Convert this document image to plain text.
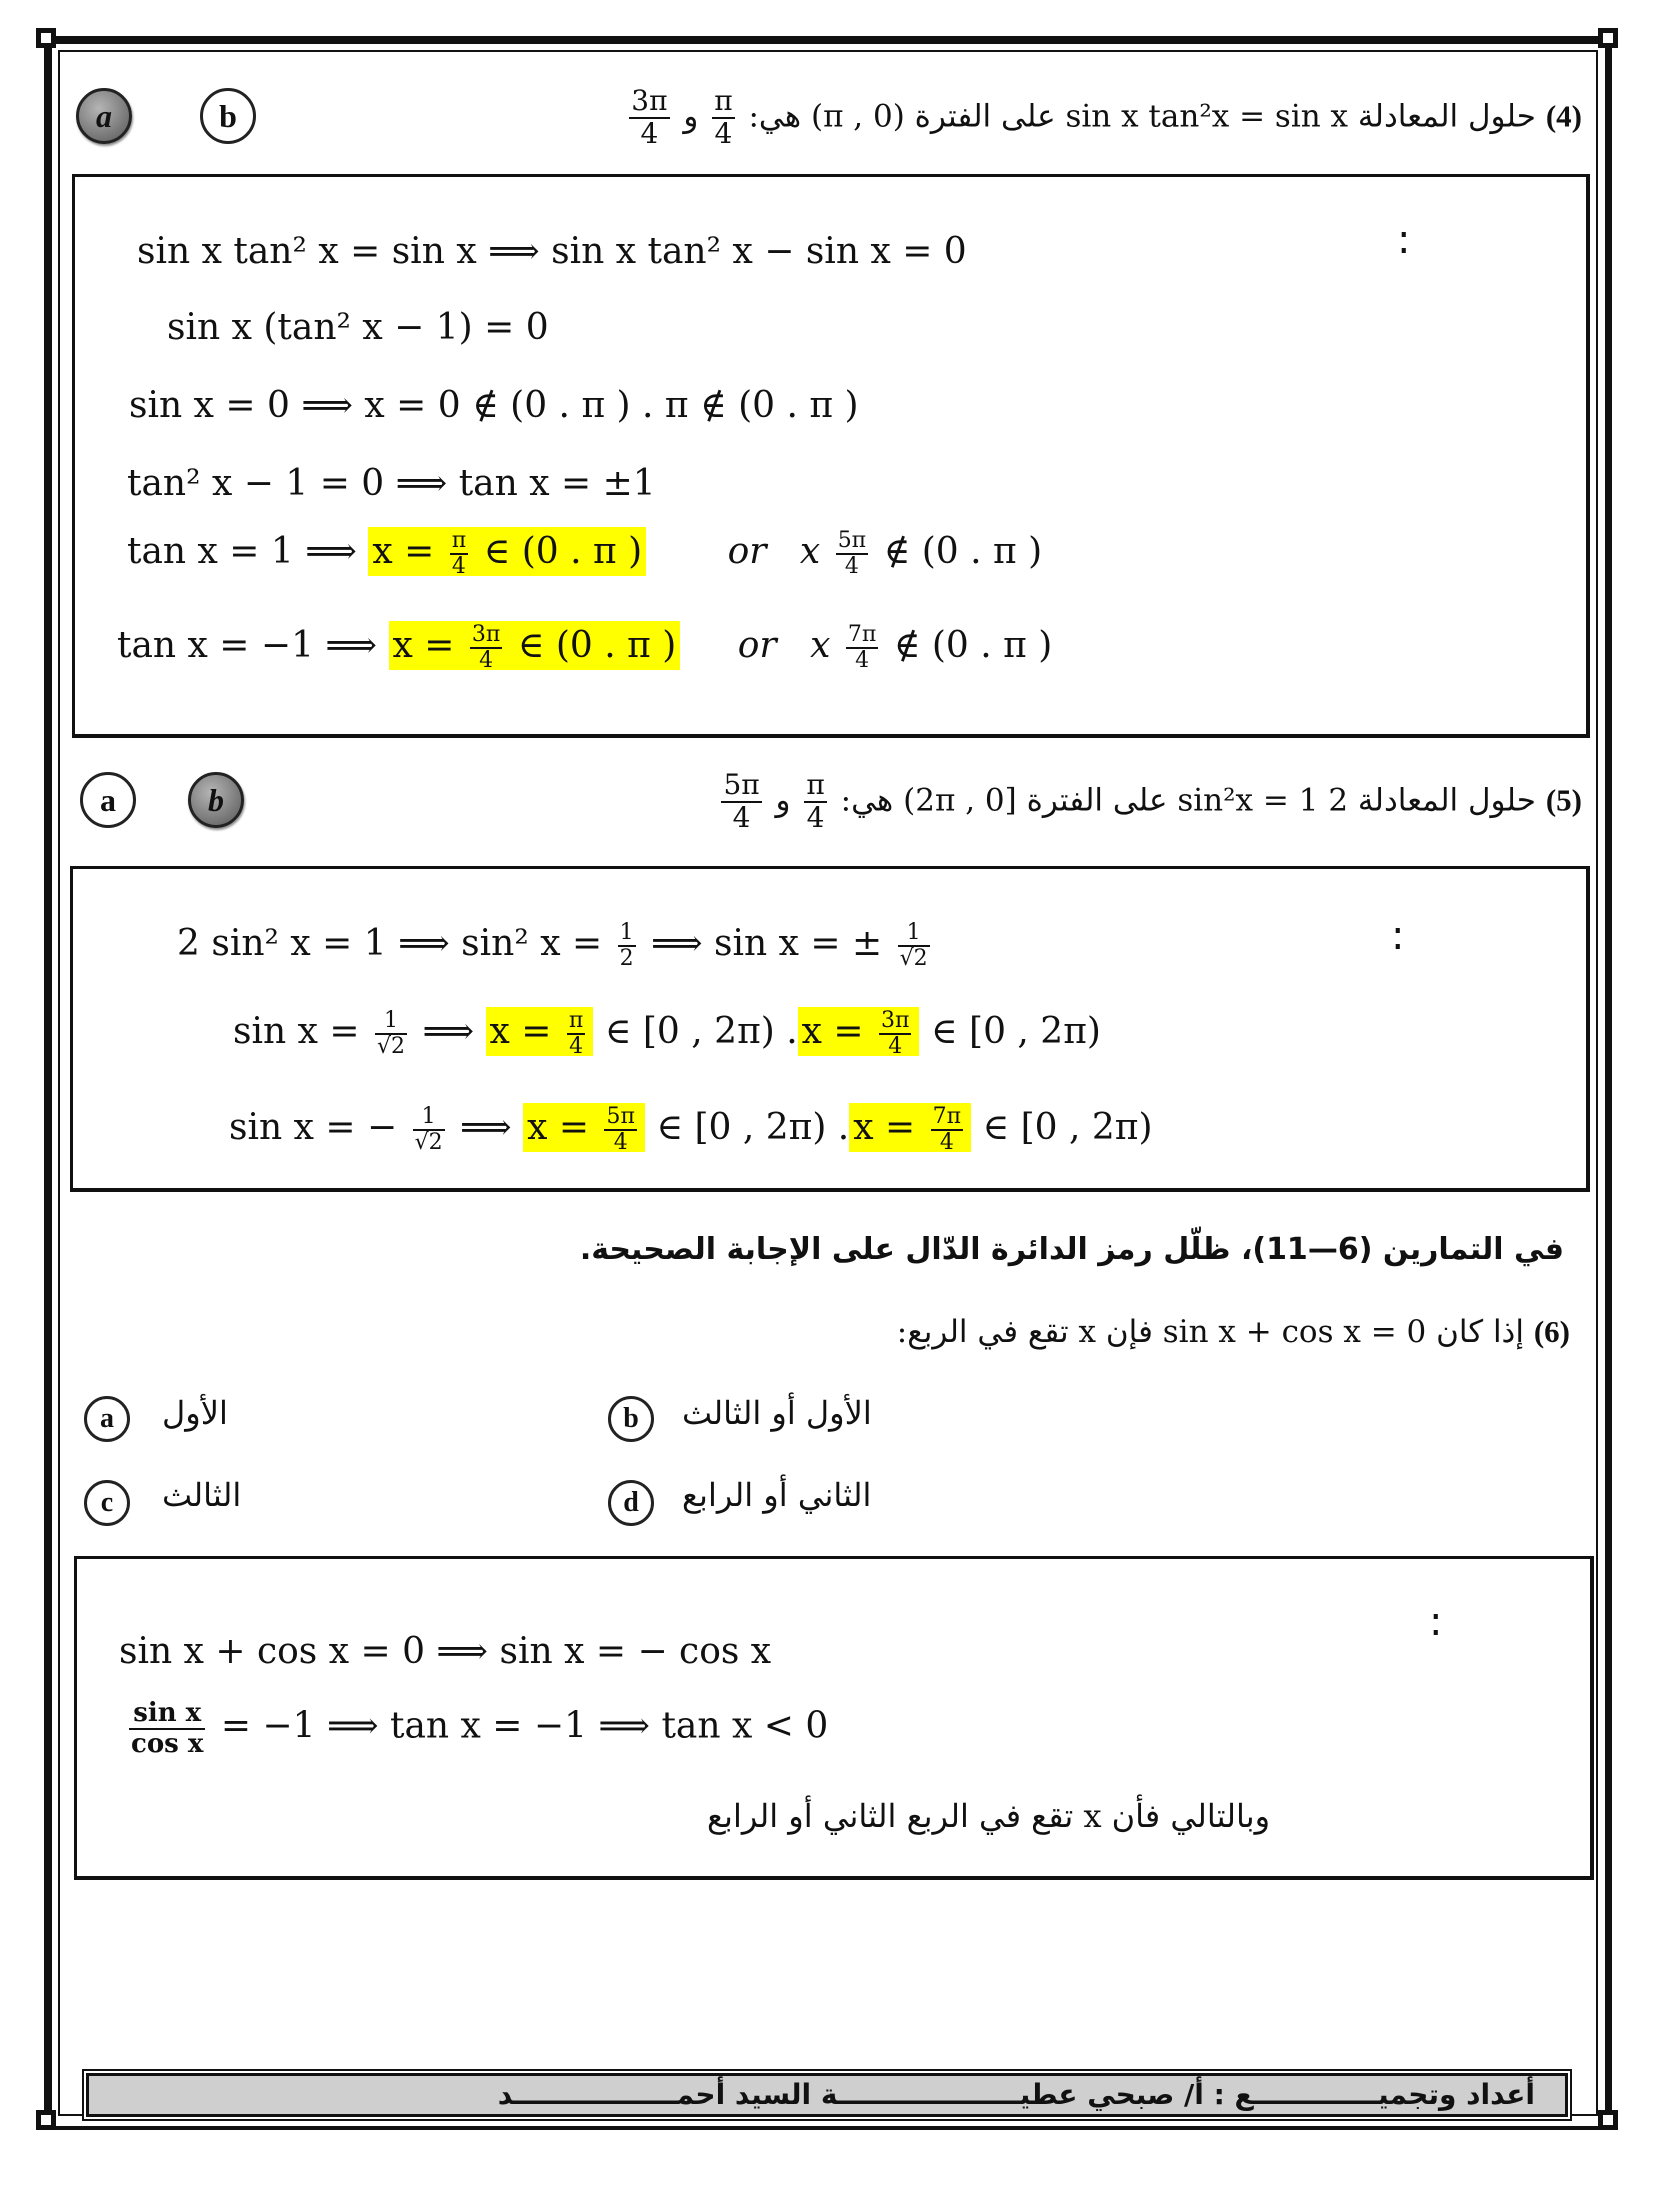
a	b	(4) حلول المعادلة sin x tan²x = sin x على الفترة (0 , π) هي:
$\frac{\pi}{4}$
و
$\frac{3\pi}{4}$
:
sin x tan² x = sin x ⟹ sin x tan² x − sin x = 0
sin x (tan² x − 1) = 0
sin x = 0 ⟹ x = 0 ∉ (0 . π ) . π ∉ (0 . π )
tan² x − 1 = 0 ⟹ tan x = ±1
tan x = 1 ⟹ $x = \frac{\pi}{4}$ ∈ (0 . π ) or x $\frac{5\pi}{4}$ ∉ (0 . π )
tan x = −1 ⟹ $x = \frac{3\pi}{4}$ ∈ (0 . π ) or x $\frac{7\pi}{4}$ ∉ (0 . π )
a	b	(5) حلول المعادلة 2 sin²x = 1 على الفترة [0 , 2π) هي:
$\frac{\pi}{4}$
و
$\frac{5\pi}{4}$
:
2 sin² x = 1 ⟹ sin² $x = \frac{1}{2}$ ⟹ sin x = ± $\frac{1}{√2}$
$\sin x = \frac{1}{√2}$ ⟹ $x = \frac{\pi}{4}$ ∈ [0 , 2π) . $x = \frac{3\pi}{4}$ ∈ [0 , 2π)
sin x = − $\frac{1}{√2}$ ⟹ $x = \frac{5\pi}{4}$ ∈ [0 , 2π) . $x = \frac{7\pi}{4}$ ∈ [0 , 2π)
في التمارين (6—11)، ظلّل رمز الدائرة الدّال على الإجابة الصحيحة.
(6) إذا كان sin x + cos x = 0 فإن x تقع في الربع:
a الأول	b الأول أو الثالث
c الثالث	d الثاني أو الرابع
:
sin x + cos x = 0 ⟹ sin x = − cos x
$\frac{\text{sin x}}{\text{cos x}} = -1$ ⟹ tan x = −1 ⟹ tan x < 0
وبالتالي فأن x تقع في الربع الثاني أو الرابع
أعداد وتجميـــــــــــــع : أ/ صبحي عطيـــــــــــــــــــة السيد أحمـــــــــــــــــد
